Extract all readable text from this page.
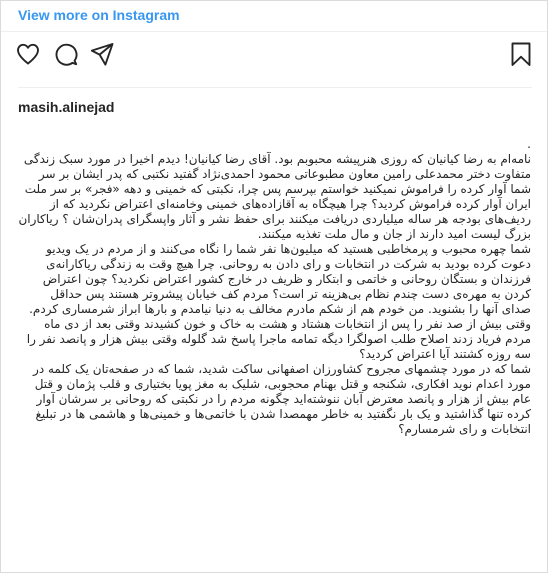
View more on Instagram
masih.alinejad

.

نامه‌ام به رضا کیانیان که روزی هنرپیشه محبوبم بود. آقای رضا کیانیان! دیدم اخیرا در مورد سبک زندگی متفاوت دختر محمدعلی رامین معاون مطبوعاتی محمود احمدی‌نژاد گفتید نکتبی که پدر ایشان بر سر شما آوار کرده را فراموش نمیکنید خواستم بپرسم پس چرا، نکبتی که خمینی و دهه «فجر» بر سر ملت ایران آوار کرده فراموش کردید؟ چرا هیچگاه به آقازاده‌های خمینی وخامنه‌ای اعتراض نکردید که از ردیف‌های بودجه هر ساله میلیاردی دریافت میکنند برای حفظ نشر و آثار واپسگرای پدران‌شان ؟ ریاکاران بزرگ لیست امید دارند از جان و مال ملت تغذیه میکنند.

شما چهره محبوب و پرمخاطبی هستید که میلیون‌ها نفر شما را نگاه می‌کنند و از مردم در یک ویدیو دعوت کرده بودید به شرکت در انتخابات و رای دادن به روحانی. چرا هیچ وقت به زندگی ریاکارانه‌ی فرزندان و بستگان روحانی و خاتمی و ابتکار و ظریف در خارج کشور اعتراض نکردید؟ چون اعتراض کردن به مهره‌ی دست چندم نظام بی‌هزینه تر است؟ مردم کف خیابان پیشروتر هستند پس حداقل صدای آنها را بشنوید. من خودم هم از شکم مادرم مخالف به دنیا نیامدم و بارها ابراز شرمساری کردم.

وقتی بیش از صد نفر را پس از انتخابات هشتاد و هشت به خاک و خون کشیدند وقتی بعد از دی ماه مردم فریاد زدند اصلاح طلب اصولگرا دیگه تمامه ماجرا پاسخ شد گلوله وقتی بیش هزار و پانصد نفر را سه روزه کشتند آیا اعتراض کردید؟

شما که در مورد چشمهای مجروح کشاورزان اصفهانی ساکت شدید، شما که در صفحه‌تان یک کلمه در مورد اعدام نوید افکاری، شکنجه و قتل بهنام محجوبی، شلیک به مغز پویا بختیاری و قلب پژمان و قتل عام بیش از هزار و پانصد معترض آبان ننوشته‌اید چگونه مردم را در نکبتی که روحانی بر سرشان آوار کرده تنها گذاشتید و یک بار نگفتید به خاطر مهمصدا شدن با خاتمی‌ها و خمینی‌ها و هاشمی ها در تبلیغ انتخابات و رای شرمسارم؟
